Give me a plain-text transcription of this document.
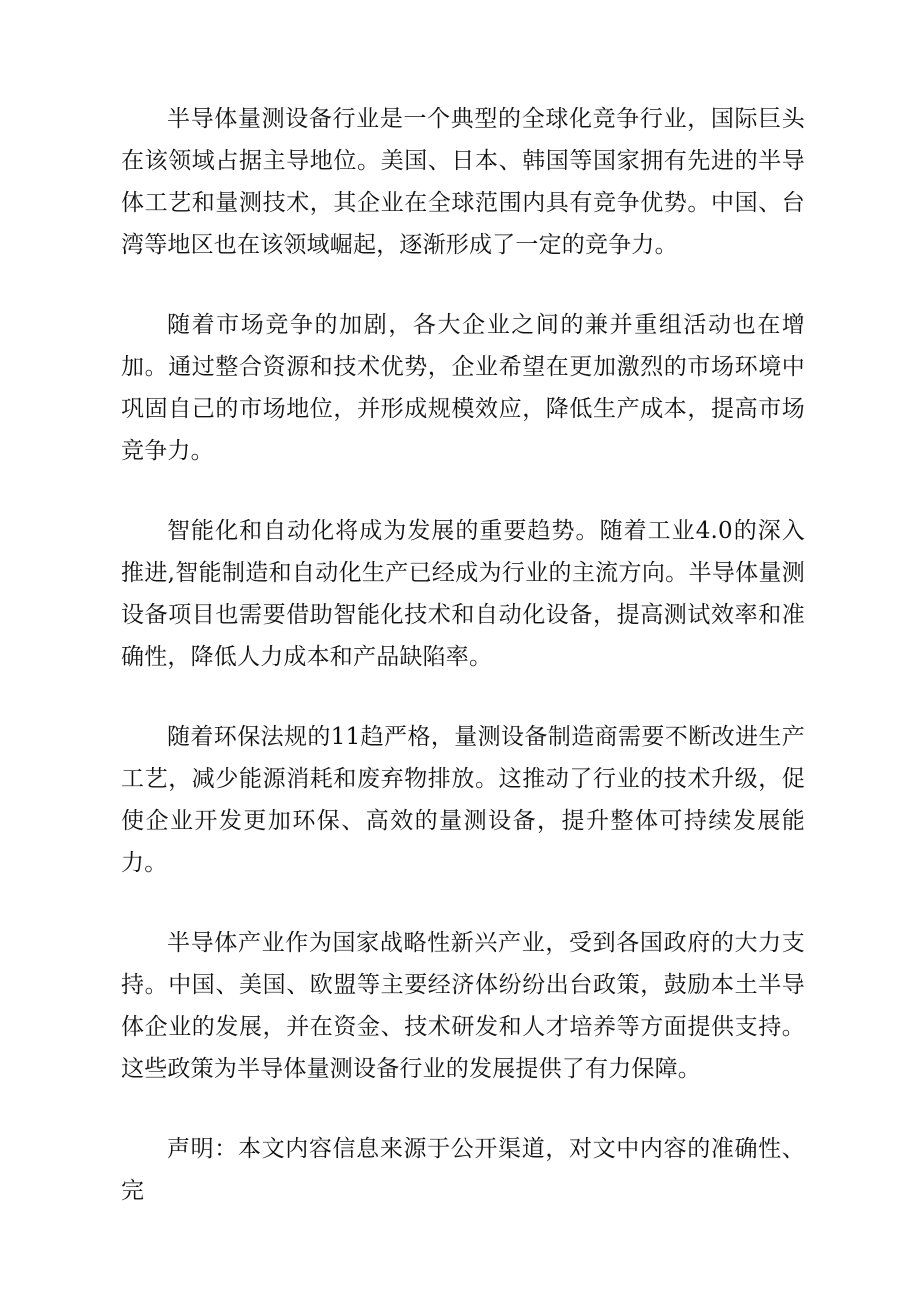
半导体量测设备行业是一个典型的全球化竞争行业，国际巨头在该领域占据主导地位。美国、日本、韩国等国家拥有先进的半导体工艺和量测技术，其企业在全球范围内具有竞争优势。中国、台湾等地区也在该领域崛起，逐渐形成了一定的竞争力。

随着市场竞争的加剧，各大企业之间的兼并重组活动也在增加。通过整合资源和技术优势，企业希望在更加激烈的市场环境中巩固自己的市场地位，并形成规模效应，降低生产成本，提高市场竞争力。

智能化和自动化将成为发展的重要趋势。随着工业4.0的深入推进,智能制造和自动化生产已经成为行业的主流方向。半导体量测设备项目也需要借助智能化技术和自动化设备，提高测试效率和准确性，降低人力成本和产品缺陷率。

随着环保法规的11趋严格，量测设备制造商需要不断改进生产工艺，减少能源消耗和废弃物排放。这推动了行业的技术升级，促使企业开发更加环保、高效的量测设备，提升整体可持续发展能力。

半导体产业作为国家战略性新兴产业，受到各国政府的大力支持。中国、美国、欧盟等主要经济体纷纷出台政策，鼓励本土半导体企业的发展，并在资金、技术研发和人才培养等方面提供支持。这些政策为半导体量测设备行业的发展提供了有力保障。

声明：本文内容信息来源于公开渠道，对文中内容的准确性、完
